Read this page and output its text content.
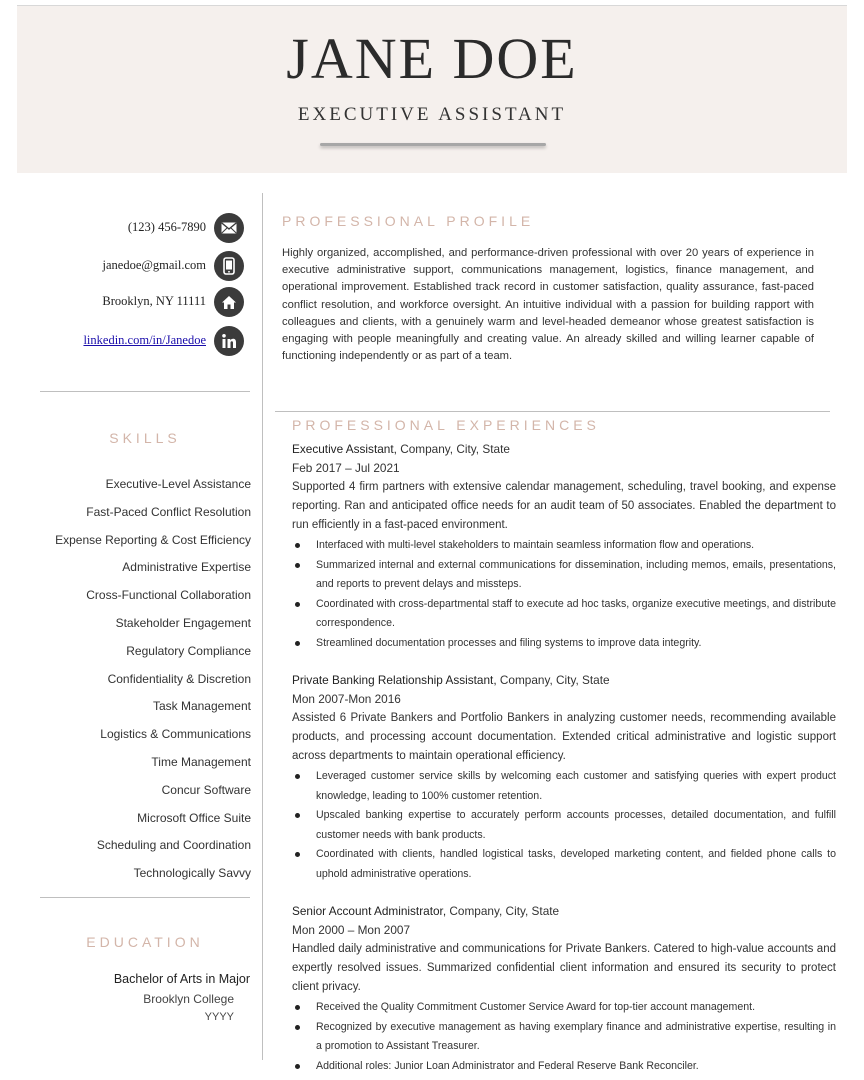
JANE DOE
EXECUTIVE ASSISTANT
(123) 456-7890
janedoe@gmail.com
Brooklyn, NY 11111
linkedin.com/in/Janedoe
SKILLS
Executive-Level Assistance
Fast-Paced Conflict Resolution
Expense Reporting & Cost Efficiency
Administrative Expertise
Cross-Functional Collaboration
Stakeholder Engagement
Regulatory Compliance
Confidentiality & Discretion
Task Management
Logistics & Communications
Time Management
Concur Software
Microsoft Office Suite
Scheduling and Coordination
Technologically Savvy
EDUCATION
Bachelor of Arts in Major
Brooklyn College
YYYY
PROFESSIONAL PROFILE

Highly organized, accomplished, and performance-driven professional with over 20 years of experience in executive administrative support, communications management, logistics, finance management, and operational improvement. Established track record in customer satisfaction, quality assurance, fast-paced conflict resolution, and workforce oversight. An intuitive individual with a passion for building rapport with colleagues and clients, with a genuinely warm and level-headed demeanor whose greatest satisfaction is engaging with people meaningfully and creating value. An already skilled and willing learner capable of functioning independently or as part of a team.

PROFESSIONAL EXPERIENCES
Executive Assistant, Company, City, State
Feb 2017 – Jul 2021

Supported 4 firm partners with extensive calendar management, scheduling, travel booking, and expense reporting. Ran and anticipated office needs for an audit team of 50 associates. Enabled the department to run efficiently in a fast-paced environment.

Interfaced with multi-level stakeholders to maintain seamless information flow and operations.
Summarized internal and external communications for dissemination, including memos, emails, presentations, and reports to prevent delays and missteps.
Coordinated with cross-departmental staff to execute ad hoc tasks, organize executive meetings, and distribute correspondence.
Streamlined documentation processes and filing systems to improve data integrity.
Private Banking Relationship Assistant, Company, City, State
Mon 2007-Mon 2016

Assisted 6 Private Bankers and Portfolio Bankers in analyzing customer needs, recommending available products, and processing account documentation. Extended critical administrative and logistic support across departments to maintain operational efficiency.

Leveraged customer service skills by welcoming each customer and satisfying queries with expert product knowledge, leading to 100% customer retention.
Upscaled banking expertise to accurately perform accounts processes, detailed documentation, and fulfill customer needs with bank products.
Coordinated with clients, handled logistical tasks, developed marketing content, and fielded phone calls to uphold administrative operations.
Senior Account Administrator, Company, City, State
Mon 2000 – Mon 2007

Handled daily administrative and communications for Private Bankers. Catered to high-value accounts and expertly resolved issues. Summarized confidential client information and ensured its security to protect client privacy.

Received the Quality Commitment Customer Service Award for top-tier account management.
Recognized by executive management as having exemplary finance and administrative expertise, resulting in a promotion to Assistant Treasurer.
Additional roles: Junior Loan Administrator and Federal Reserve Bank Reconciler.
